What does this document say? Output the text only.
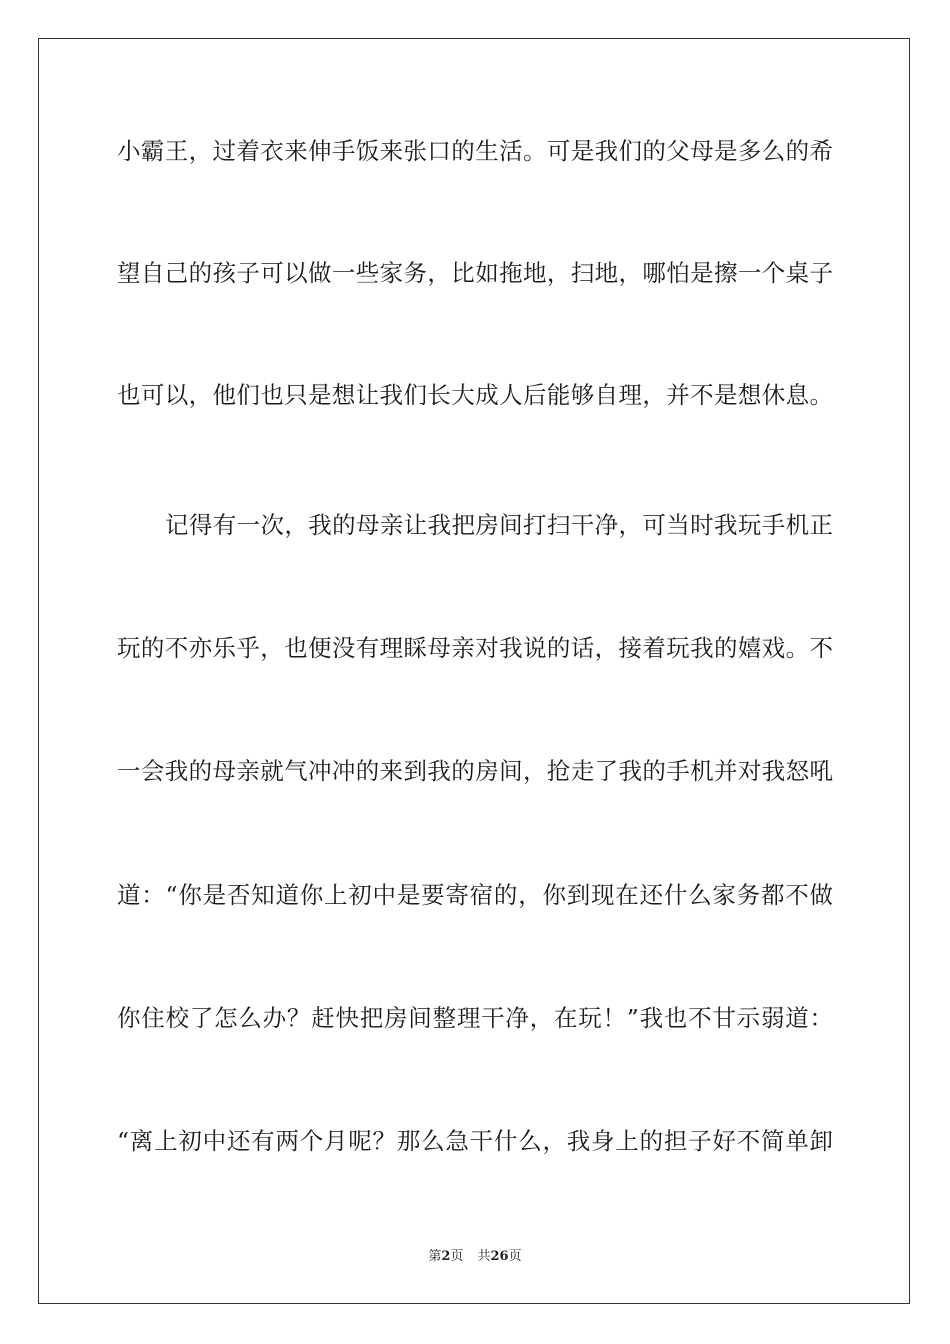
小霸王，过着衣来伸手饭来张口的生活。可是我们的父母是多么的希
望自己的孩子可以做一些家务，比如拖地，扫地，哪怕是擦一个桌子
也可以，他们也只是想让我们长大成人后能够自理，并不是想休息。
记得有一次，我的母亲让我把房间打扫干净，可当时我玩手机正
玩的不亦乐乎，也便没有理睬母亲对我说的话，接着玩我的嬉戏。不
一会我的母亲就气冲冲的来到我的房间，抢走了我的手机并对我怒吼
道：“你是否知道你上初中是要寄宿的，你到现在还什么家务都不做
你住校了怎么办？赶快把房间整理干净，在玩！”我也不甘示弱道：
“离上初中还有两个月呢？那么急干什么，我身上的担子好不简单卸
第2页 共26页
